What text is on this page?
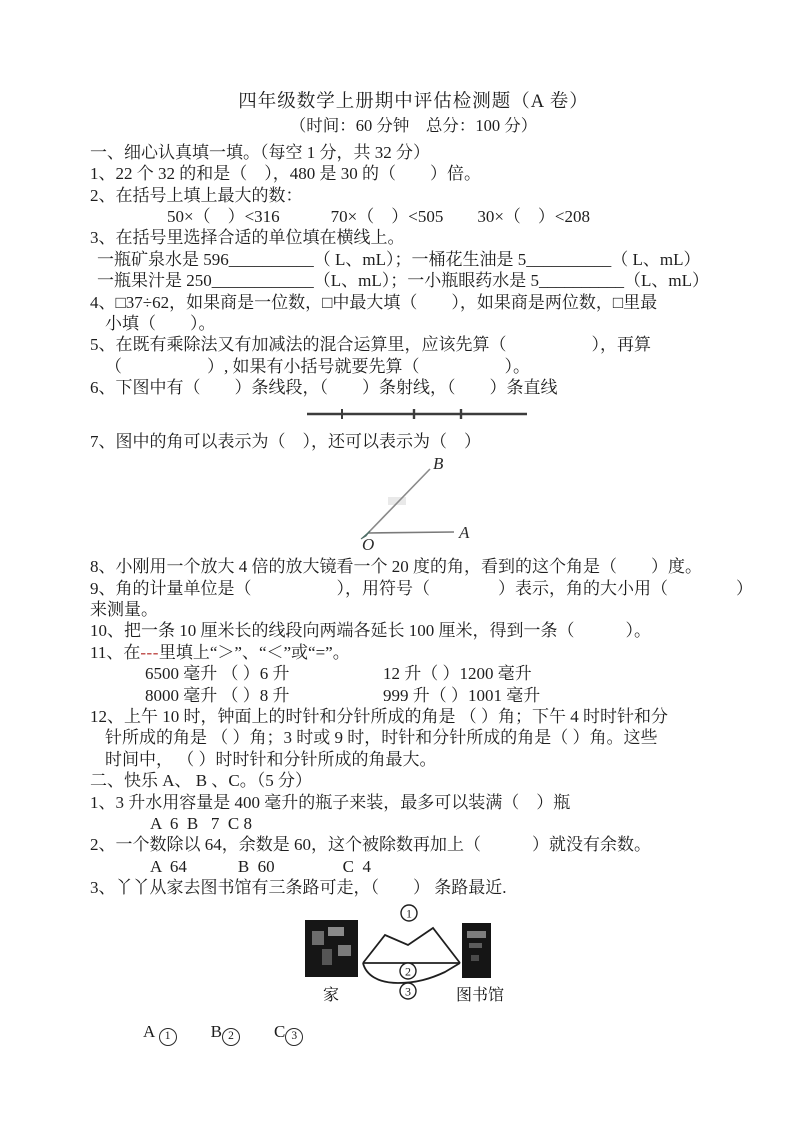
四年级数学上册期中评估检测题（A 卷）
（时间：60 分钟　总分：100 分）
一、细心认真填一填。（每空 1 分，共 32 分）
1、22 个 32 的和是（　），480 是 30 的（　　）倍。
2、在括号上填上最大的数：
50×（　）<316　　　70×（　）<505　　30×（　）<208
3、在括号里选择合适的单位填在横线上。
一瓶矿泉水是 596__________（ L、mL）；一桶花生油是 5__________（ L、mL）
一瓶果汁是 250____________（L、mL）；一小瓶眼药水是 5__________（L、mL）
4、□37÷62，如果商是一位数，□中最大填（　　），如果商是两位数，□里最
小填（　　）。
5、在既有乘除法又有加减法的混合运算里，应该先算（　　　　　），再算
（　　　　　）, 如果有小括号就要先算（　　　　　）。
6、下图中有（　　）条线段，（　　）条射线，（　　）条直线
7、图中的角可以表示为（　），还可以表示为（　）
B
A
O
8、小刚用一个放大 4 倍的放大镜看一个 20 度的角，看到的这个角是（　　）度。
9、角的计量单位是（　　　　　），用符号（　　　　）表示，角的大小用（　　　　）
来测量。
10、把一条 10 厘米长的线段向两端各延长 100 厘米，得到一条（　　　）。
11、在---里填上“＞”、“＜”或“=”。
6500 毫升 （ ）6 升	12 升（ ）1200 毫升
8000 毫升 （ ）8 升	999 升（ ）1001 毫升
12、上午 10 时，钟面上的时针和分针所成的角是 （ ）角；下午 4 时时针和分
针所成的角是 （ ）角；3 时或 9 时，时针和分针所成的角是（ ）角。这些
时间中， （ ）时时针和分针所成的角最大。
二、快乐 A、 B 、C。（5 分）
1、3 升水用容量是 400 毫升的瓶子来装，最多可以装满（　）瓶
A  6  B   7  C 8
2、一个数除以 64，余数是 60，这个被除数再加上（　　　）就没有余数。
A  64　　　B  60　　　　C  4
3、丫丫从家去图书馆有三条路可走，（　　） 条路最近.
1
2
3
家	图书馆
A 1　　 B 2　　 C 3
